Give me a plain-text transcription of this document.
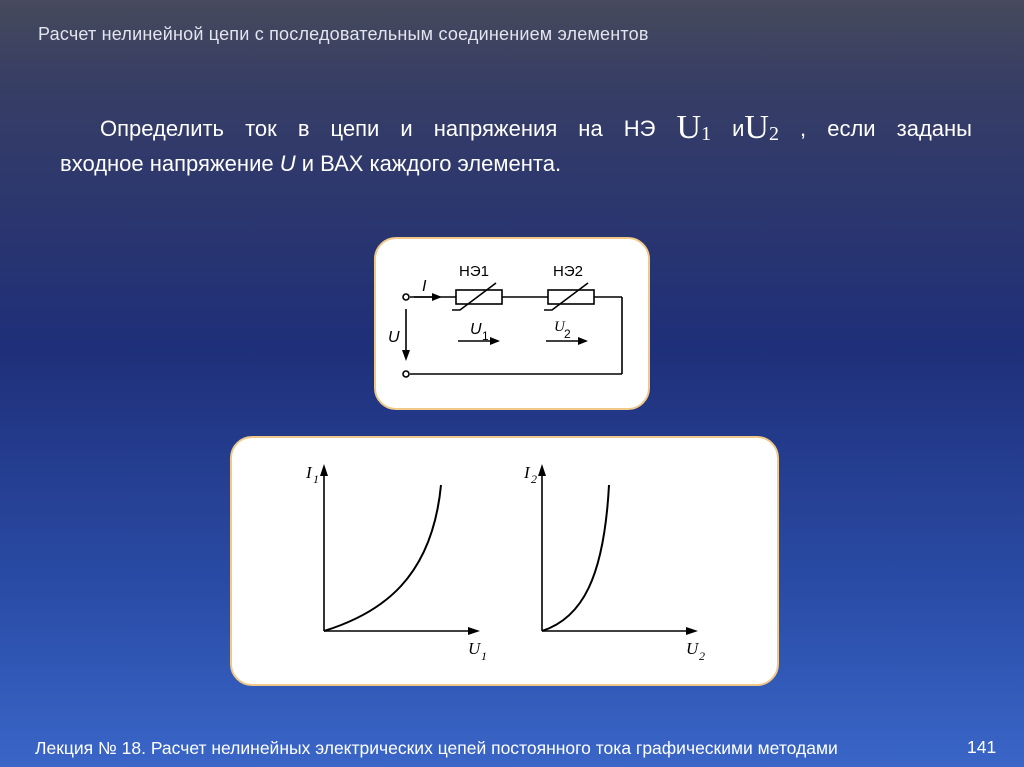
Расчет нелинейной цепи с последовательным соединением элементов
Определить ток в цепи и напряжения на НЭ $U_1$ $иU_2$ , если заданы
входное напряжение U и ВАХ каждого элемента.
НЭ1	НЭ2
I
U	U 1
U 2
I 1
U 1
I 2
U 2
Лекция № 18. Расчет нелинейных электрических цепей постоянного тока графическими методами	141
